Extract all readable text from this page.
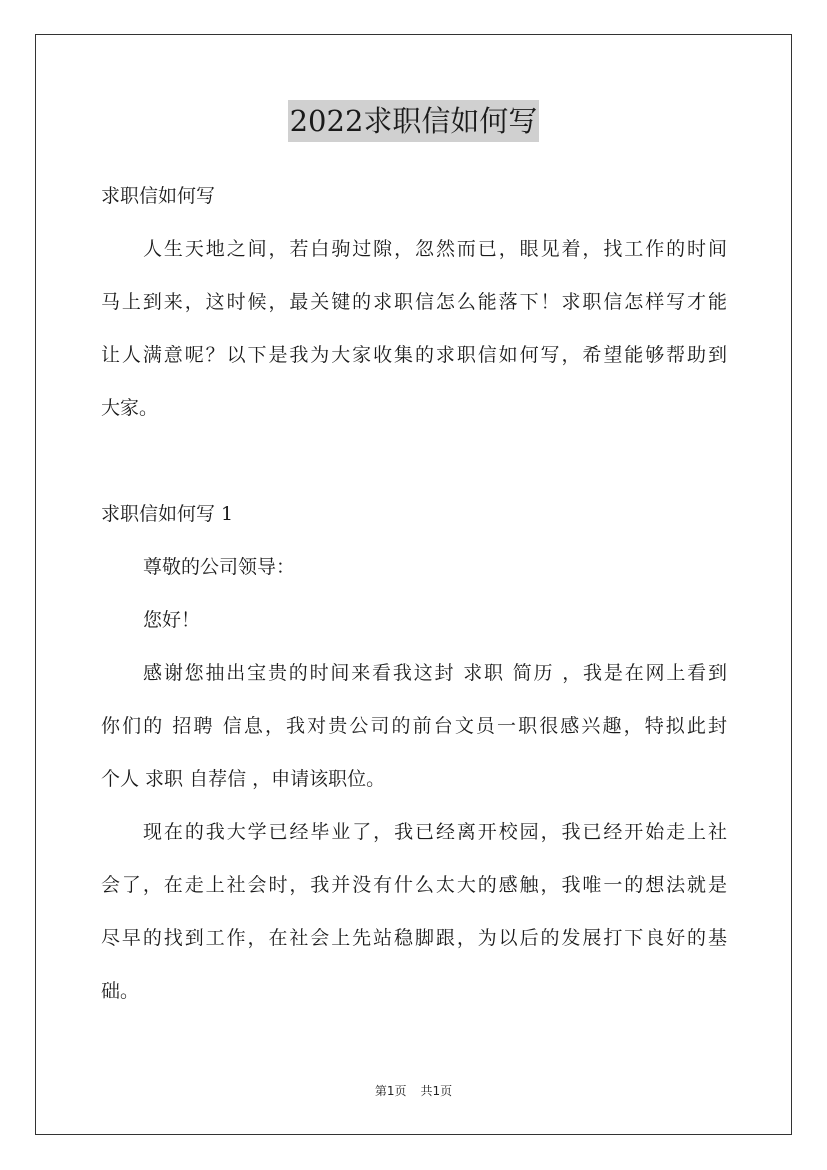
2022求职信如何写
求职信如何写
人生天地之间，若白驹过隙，忽然而已，眼见着，找工作的时间
马上到来，这时候，最关键的求职信怎么能落下！求职信怎样写才能
让人满意呢？以下是我为大家收集的求职信如何写，希望能够帮助到
大家。
求职信如何写 1
尊敬的公司领导：
您好！
感谢您抽出宝贵的时间来看我这封 求职 简历 ，我是在网上看到
你们的 招聘 信息，我对贵公司的前台文员一职很感兴趣，特拟此封
个人 求职 自荐信 ，申请该职位。
现在的我大学已经毕业了，我已经离开校园，我已经开始走上社
会了，在走上社会时，我并没有什么太大的感触，我唯一的想法就是
尽早的找到工作，在社会上先站稳脚跟，为以后的发展打下良好的基
础。
第1页 共1页
